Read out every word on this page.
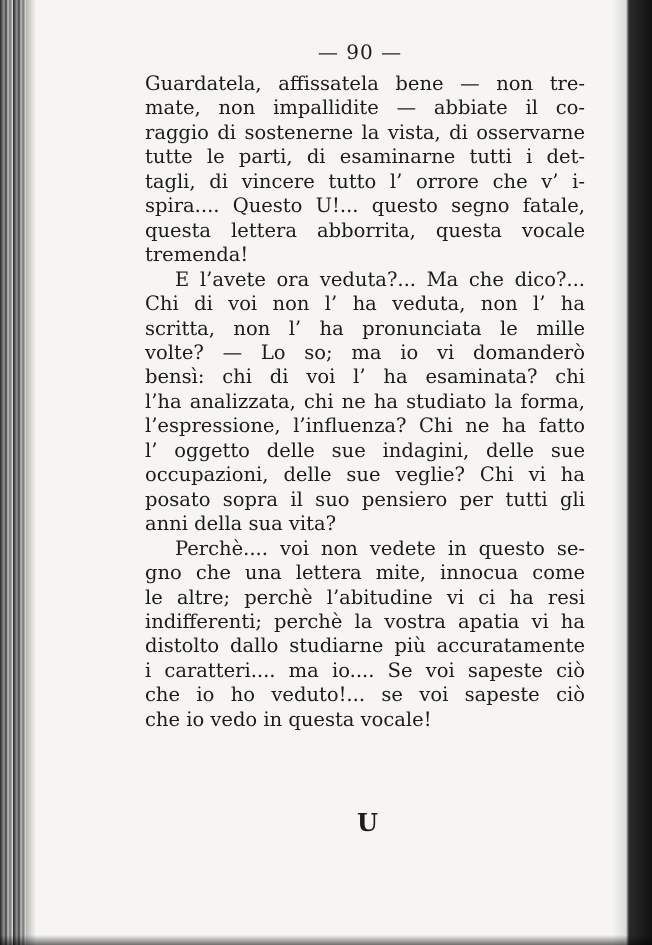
— 90 —
Guardatela, affissatela bene — non tre-
mate, non impallidite — abbiate il co-
raggio di sostenerne la vista, di osservarne
tutte le parti, di esaminarne tutti i det-
tagli, di vincere tutto l’ orrore che v’ i-
spira.... Questo U!... questo segno fatale,
questa lettera abborrita, questa vocale
tremenda!
E l’avete ora veduta?... Ma che dico?...
Chi di voi non l’ ha veduta, non l’ ha
scritta, non l’ ha pronunciata le mille
volte? — Lo so; ma io vi domanderò
bensì: chi di voi l’ ha esaminata? chi
l’ha analizzata, chi ne ha studiato la forma,
l’espressione, l’influenza? Chi ne ha fatto
l’ oggetto delle sue indagini, delle sue
occupazioni, delle sue veglie? Chi vi ha
posato sopra il suo pensiero per tutti gli
anni della sua vita?
Perchè.... voi non vedete in questo se-
gno che una lettera mite, innocua come
le altre; perchè l’abitudine vi ci ha resi
indifferenti; perchè la vostra apatia vi ha
distolto dallo studiarne più accuratamente
i caratteri.... ma io.... Se voi sapeste ciò
che io ho veduto!... se voi sapeste ciò
che io vedo in questa vocale!
U
